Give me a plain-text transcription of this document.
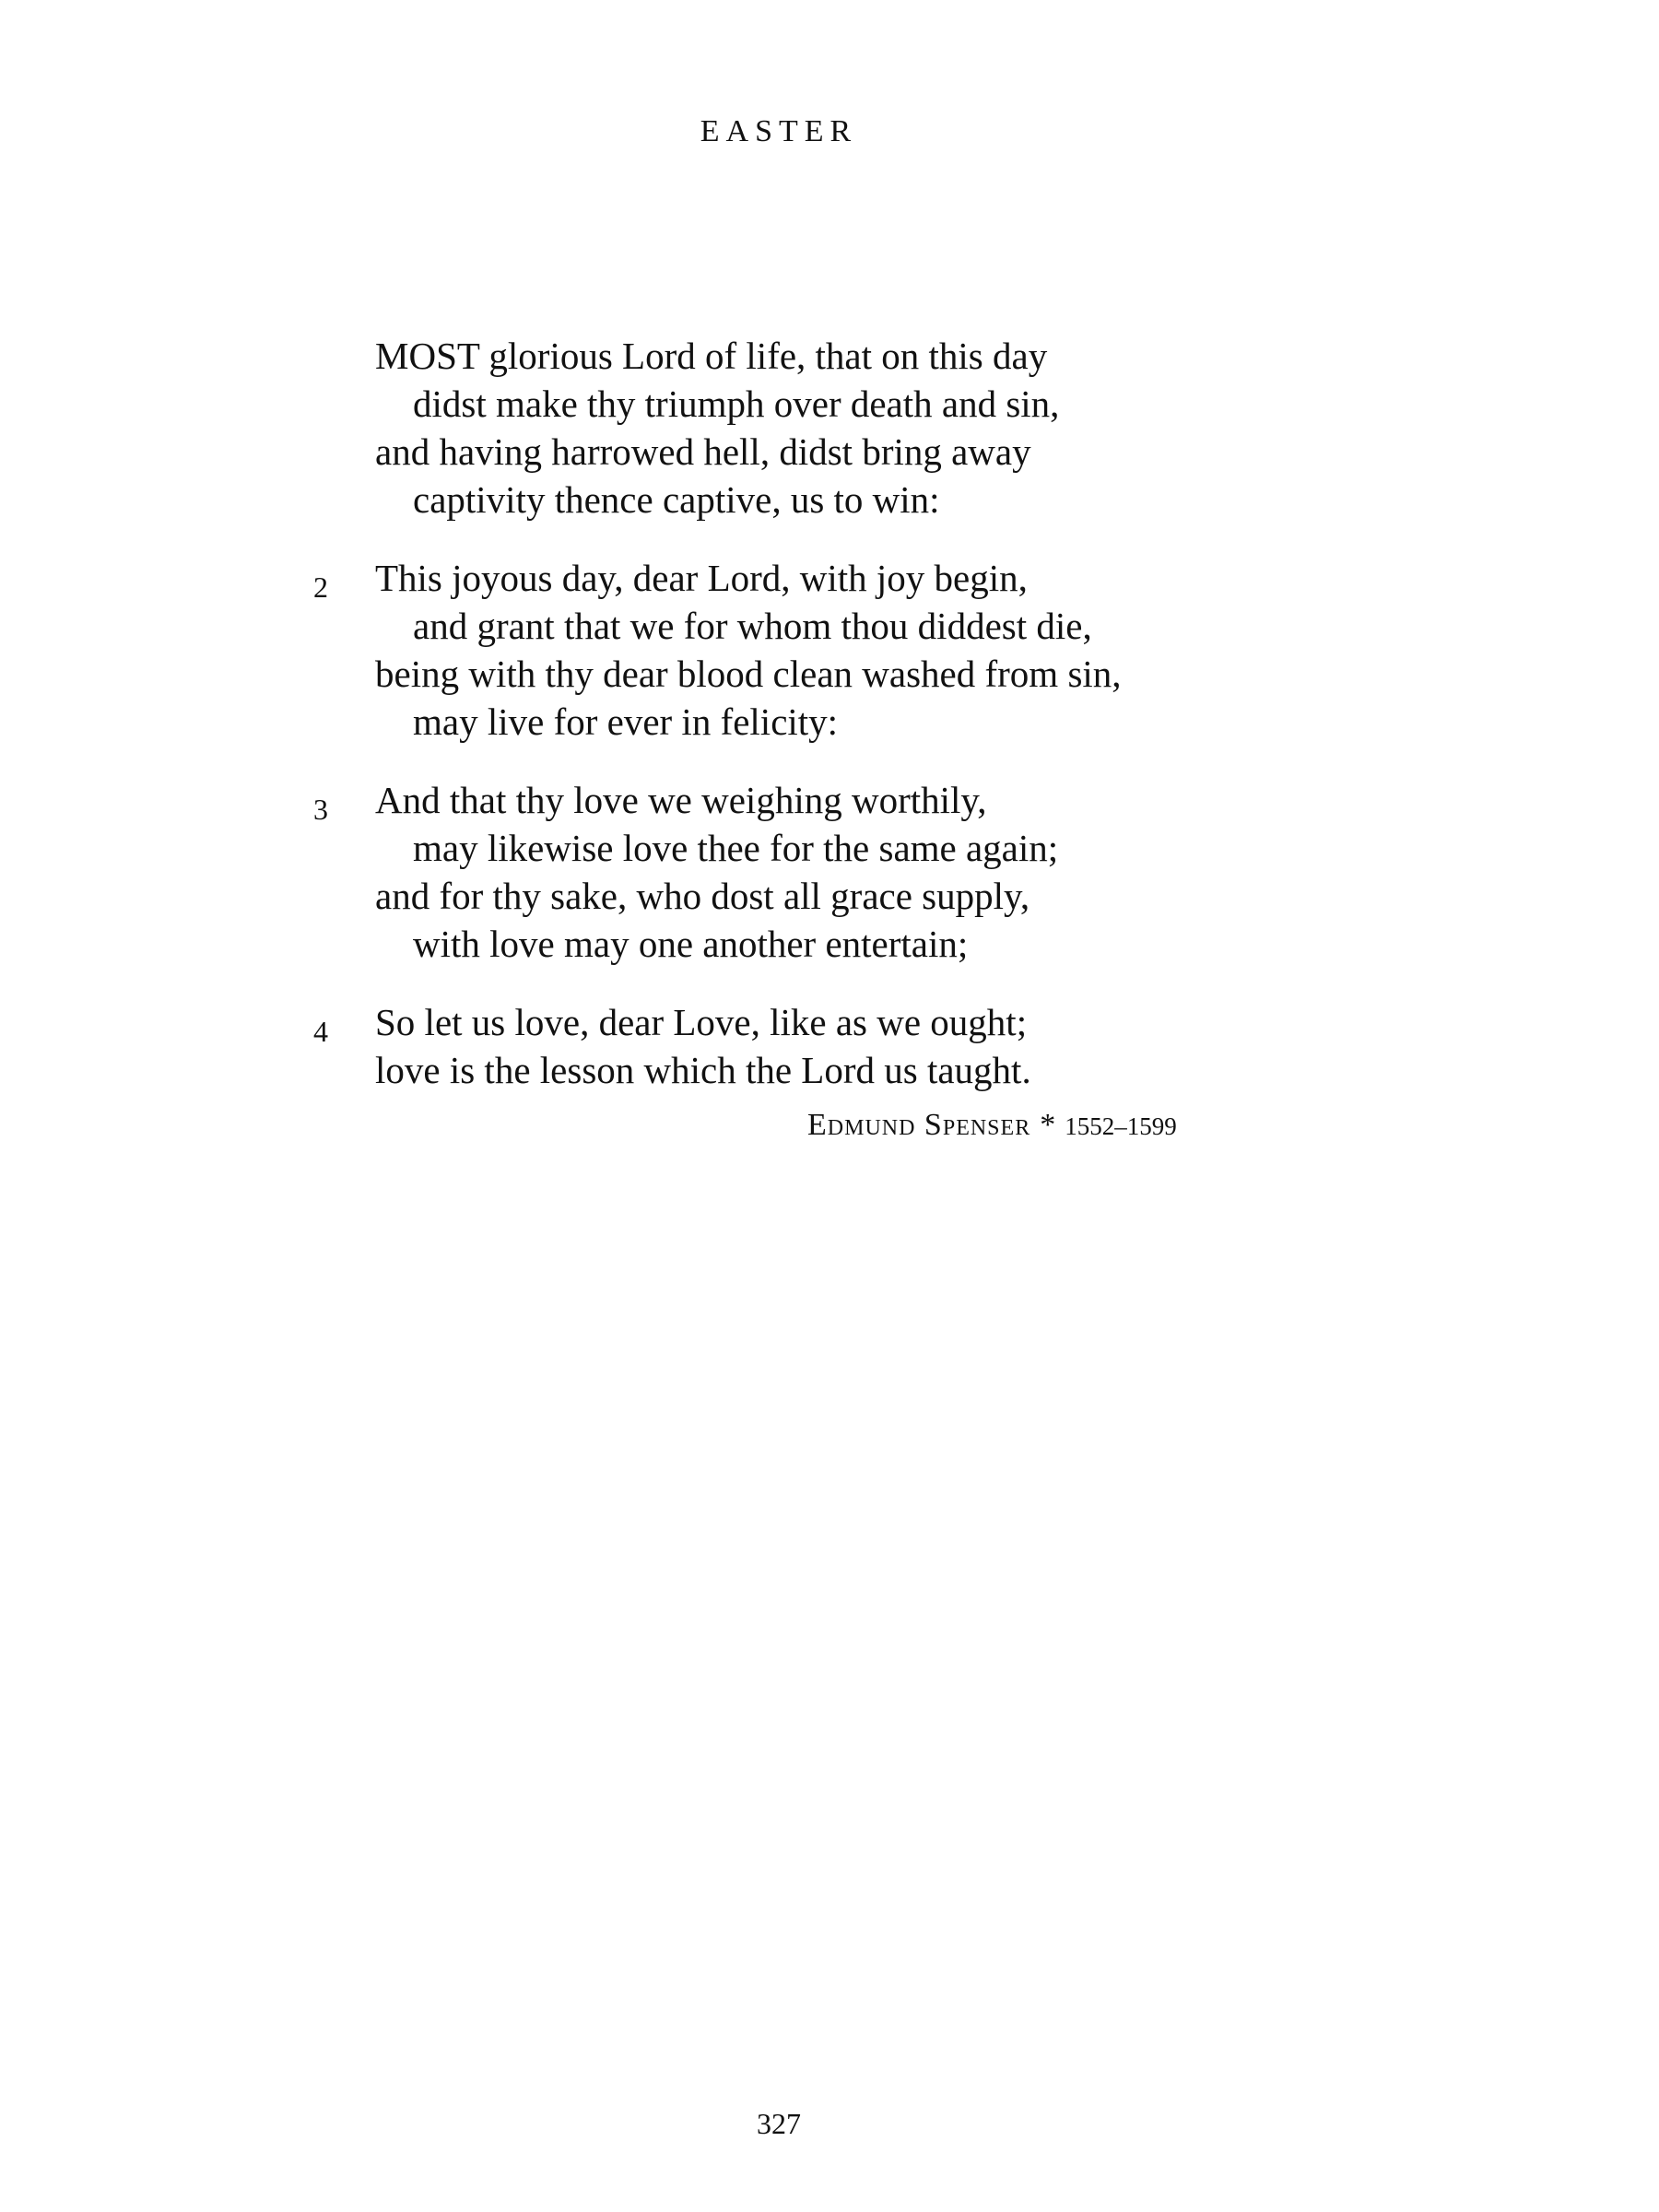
EASTER
MOST glorious Lord of life, that on this day
didst make thy triumph over death and sin,
and having harrowed hell, didst bring away
captivity thence captive, us to win:
2	This joyous day, dear Lord, with joy begin,
and grant that we for whom thou diddest die,
being with thy dear blood clean washed from sin,
may live for ever in felicity:
3	And that thy love we weighing worthily,
may likewise love thee for the same again;
and for thy sake, who dost all grace supply,
with love may one another entertain;
4	So let us love, dear Love, like as we ought;
love is the lesson which the Lord us taught.
Edmund Spenser * 1552–1599
327
